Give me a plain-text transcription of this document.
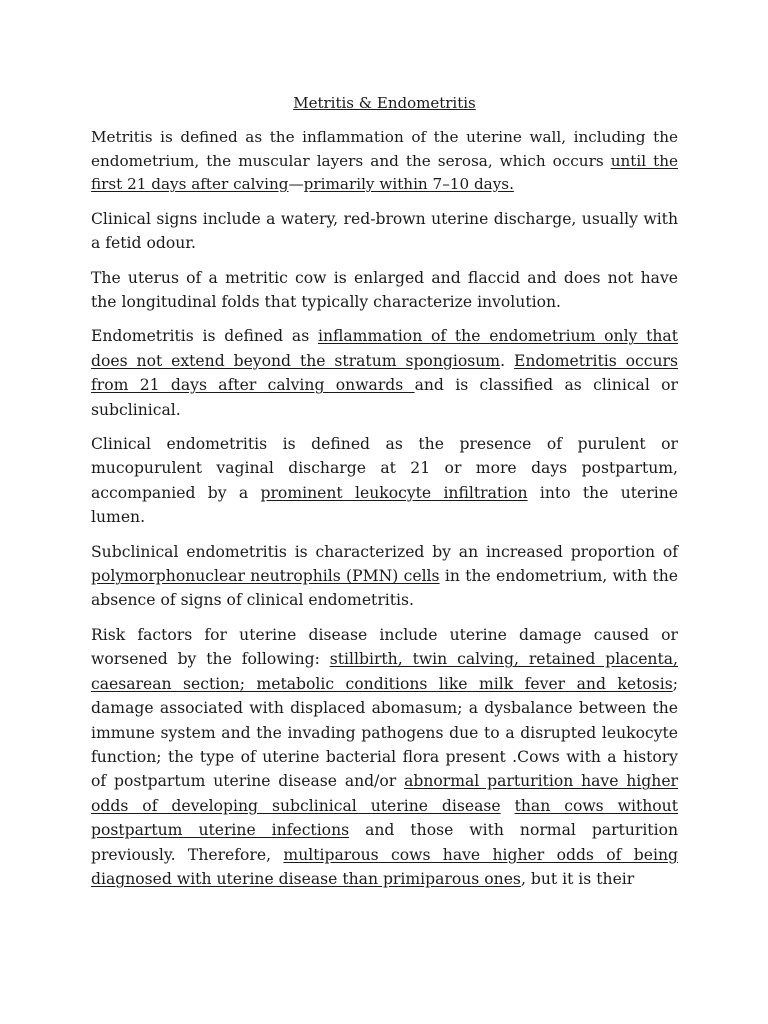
Metritis & Endometritis

Metritis is defined as the inflammation of the uterine wall, including the endometrium, the muscular layers and the serosa, which occurs until the first 21 days after calving—primarily within 7–10 days.

Clinical signs include a watery, red-brown uterine discharge, usually with a fetid odour.

The uterus of a metritic cow is enlarged and flaccid and does not have the longitudinal folds that typically characterize involution.

Endometritis is defined as inflammation of the endometrium only that does not extend beyond the stratum spongiosum. Endometritis occurs from 21 days after calving onwards and is classified as clinical or subclinical.

Clinical endometritis is defined as the presence of purulent or mucopurulent vaginal discharge at 21 or more days postpartum, accompanied by a prominent leukocyte infiltration into the uterine lumen.

Subclinical endometritis is characterized by an increased proportion of polymorphonuclear neutrophils (PMN) cells in the endometrium, with the absence of signs of clinical endometritis.

Risk factors for uterine disease include uterine damage caused or worsened by the following: stillbirth, twin calving, retained placenta, caesarean section; metabolic conditions like milk fever and ketosis; damage associated with displaced abomasum; a dysbalance between the immune system and the invading pathogens due to a disrupted leukocyte function; the type of uterine bacterial flora present .Cows with a history of postpartum uterine disease and/or abnormal parturition have higher odds of developing subclinical uterine disease than cows without postpartum uterine infections and those with normal parturition previously. Therefore, multiparous cows have higher odds of being diagnosed with uterine disease than primiparous ones, but it is their
